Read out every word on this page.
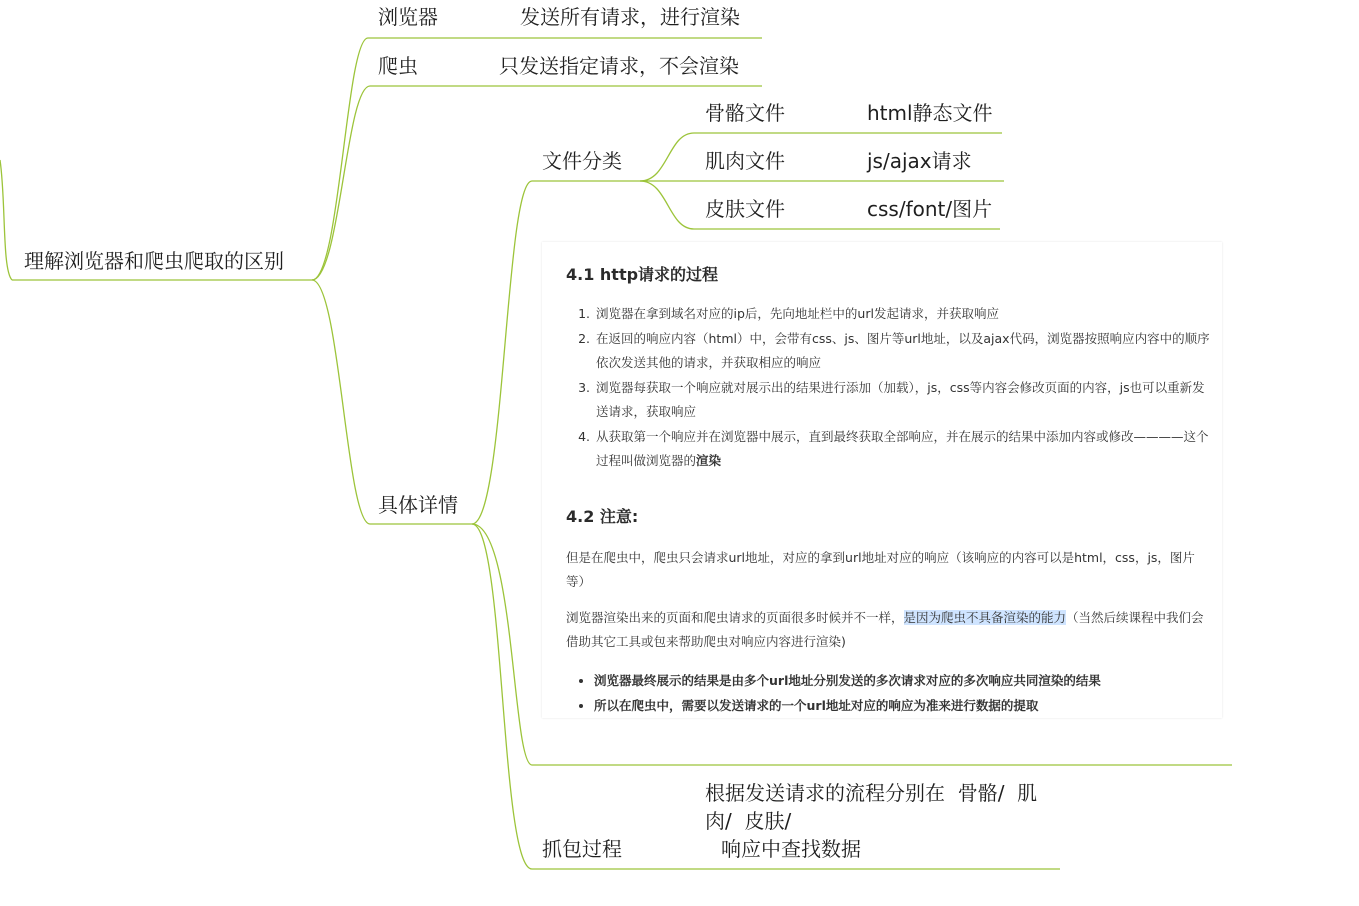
理解浏览器和爬虫爬取的区别
浏览器	发送所有请求，进行渲染
爬虫	只发送指定请求，不会渲染
具体详情
文件分类
骨骼文件	html静态文件
肌肉文件	js/ajax请求
皮肤文件	css/font/图片
4.1 http请求的过程
1. 浏览器在拿到域名对应的ip后，先向地址栏中的url发起请求，并获取响应
2. 在返回的响应内容（html）中，会带有css、js、图片等url地址，以及ajax代码，浏览器按照响应内容中的顺序依次发送其他的请求，并获取相应的响应
3. 浏览器每获取一个响应就对展示出的结果进行添加（加载），js，css等内容会修改页面的内容，js也可以重新发送请求，获取响应
4. 从获取第一个响应并在浏览器中展示，直到最终获取全部响应，并在展示的结果中添加内容或修改————这个过程叫做浏览器的渲染
4.2 注意:

但是在爬虫中，爬虫只会请求url地址，对应的拿到url地址对应的响应（该响应的内容可以是html，css，js，图片等）

浏览器渲染出来的页面和爬虫请求的页面很多时候并不一样，是因为爬虫不具备渲染的能力（当然后续课程中我们会借助其它工具或包来帮助爬虫对响应内容进行渲染)

• 浏览器最终展示的结果是由多个url地址分别发送的多次请求对应的多次响应共同渲染的结果
• 所以在爬虫中，需要以发送请求的一个url地址对应的响应为准来进行数据的提取
抓包过程
根据发送请求的流程分别在  骨骼/  肌
肉/  皮肤/
响应中查找数据
